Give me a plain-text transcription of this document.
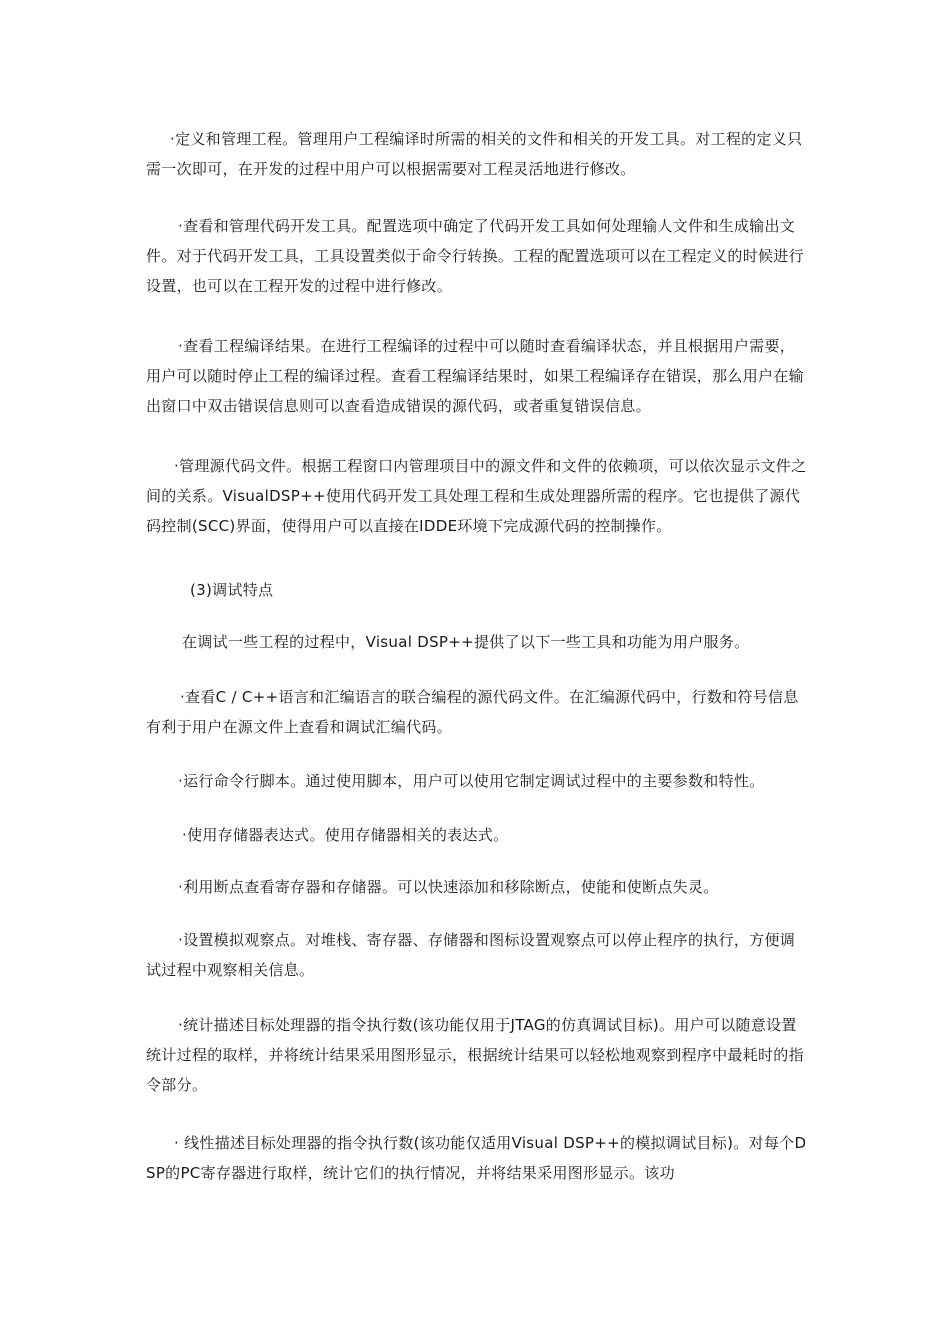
·定义和管理工程。管理用户工程编译时所需的相关的文件和相关的开发工具。对工程的定义只需一次即可，在开发的过程中用户可以根据需要对工程灵活地进行修改。

·查看和管理代码开发工具。配置选项中确定了代码开发工具如何处理输人文件和生成输出文件。对于代码开发工具，工具设置类似于命令行转换。工程的配置选项可以在工程定义的时候进行设置，也可以在工程开发的过程中进行修改。

·查看工程编译结果。在进行工程编译的过程中可以随时查看编译状态，并且根据用户需要，用户可以随时停止工程的编译过程。查看工程编译结果时，如果工程编译存在错误，那么用户在输出窗口中双击错误信息则可以查看造成错误的源代码，或者重复错误信息。

·管理源代码文件。根据工程窗口内管理项目中的源文件和文件的依赖项，可以依次显示文件之间的关系。VisualDSP++使用代码开发工具处理工程和生成处理器所需的程序。它也提供了源代码控制(SCC)界面，使得用户可以直接在IDDE环境下完成源代码的控制操作。

(3)调试特点

在调试一些工程的过程中，Visual DSP++提供了以下一些工具和功能为用户服务。

·查看C / C++语言和汇编语言的联合编程的源代码文件。在汇编源代码中，行数和符号信息有利于用户在源文件上查看和调试汇编代码。

·运行命令行脚本。通过使用脚本，用户可以使用它制定调试过程中的主要参数和特性。

·使用存储器表达式。使用存储器相关的表达式。

·利用断点查看寄存器和存储器。可以快速添加和移除断点，使能和使断点失灵。

·设置模拟观察点。对堆栈、寄存器、存储器和图标设置观察点可以停止程序的执行，方便调试过程中观察相关信息。

·统计描述目标处理器的指令执行数(该功能仅用于JTAG的仿真调试目标)。用户可以随意设置统计过程的取样，并将统计结果采用图形显示，根据统计结果可以轻松地观察到程序中最耗时的指令部分。

· 线性描述目标处理器的指令执行数(该功能仅适用Visual DSP++的模拟调试目标)。对每个DSP的PC寄存器进行取样，统计它们的执行情况，并将结果采用图形显示。该功
